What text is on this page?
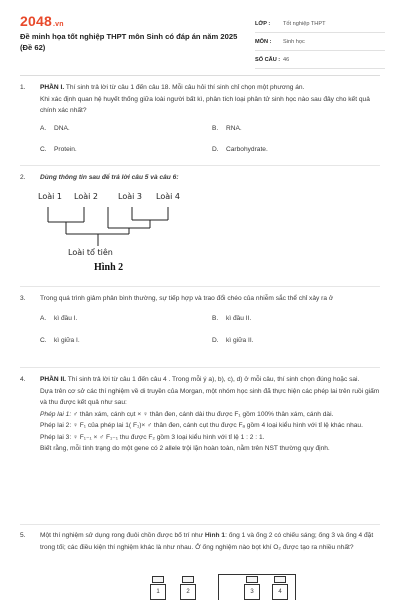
2048.vn
Đề minh họa tốt nghiệp THPT môn Sinh có đáp án năm 2025 (Đề 62)
LỚP :	Tốt nghiệp THPT
MÔN :	Sinh học
SỐ CÂU : 46
1.	PHẦN I. Thí sinh trả lời từ câu 1 đến câu 18. Mỗi câu hỏi thí sinh chỉ chọn một phương án.
Khi xác định quan hệ huyết thống giữa loài người bất kì, phân tích loại phân tử sinh học nào sau đây cho kết quả chính xác nhất?
A. DNA.	B. RNA.
C. Protein.	D. Carbohydrate.
2.	Dùng thông tin sau để trả lời câu 5 và câu 6:
Loài 1 Loài 2	Loài 3 Loài 4
Loài tổ tiên
Hình 2
3.	Trong quá trình giảm phân bình thường, sự tiếp hợp và trao đổi chéo của nhiễm sắc thể chỉ xảy ra ở
A. kì đầu I.	B. kì đầu II.
C. kì giữa I.	D. kì giữa II.
4.	PHẦN II. Thí sinh trả lời từ câu 1 đến câu 4 . Trong mỗi ý a), b), c), d) ở mỗi câu, thí sinh chọn đúng hoặc sai.
Dựa trên cơ sở các thí nghiệm về di truyền của Morgan, một nhóm học sinh đã thực hiện các phép lai trên ruồi giấm và thu được kết quả như sau:
Phép lai 1: ♂ thân xám, cánh cụt × ♀ thân đen, cánh dài thu được F₁ gồm 100% thân xám, cánh dài.
Phép lai 2: ♀ F₁ của phép lai 1( F₁)× ♂ thân đen, cánh cụt thu được Fₐ gồm 4 loại kiểu hình với tỉ lệ khác nhau.
Phép lai 3: ♀ F₁₋₁ × ♂ F₁₋₁ thu được F₂ gồm 3 loại kiểu hình với tỉ lệ 1 : 2 : 1.
Biết rằng, mỗi tính trạng do một gene có 2 allele trội lặn hoàn toàn, nằm trên NST thường quy định.
5.	Một thí nghiệm sử dụng rong đuôi chồn được bố trí như Hình 1: ống 1 và ống 2 có chiếu sáng; ống 3 và ống 4 đặt trong tối; các điều kiện thí nghiệm khác là như nhau. Ở ống nghiệm nào bọt khí O₂ được tạo ra nhiều nhất?
1	2	3	4
